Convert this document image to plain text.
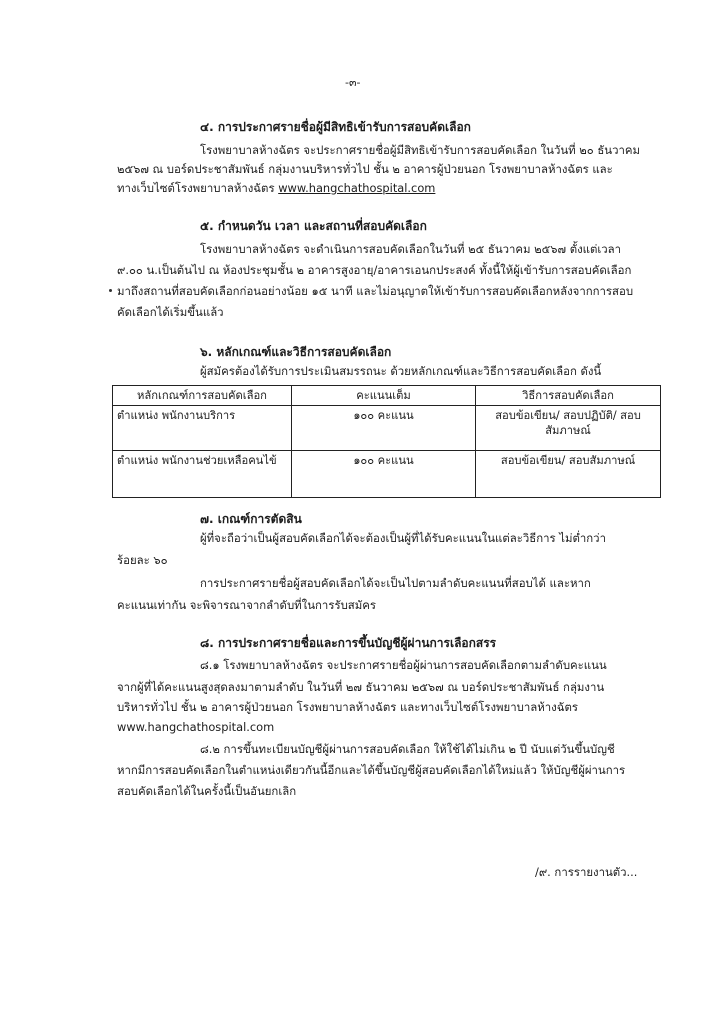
-๓-
๔. การประกาศรายชื่อผู้มีสิทธิเข้ารับการสอบคัดเลือก
โรงพยาบาลห้างฉัตร จะประกาศรายชื่อผู้มีสิทธิเข้ารับการสอบคัดเลือก ในวันที่ ๒๐ ธันวาคม
๒๕๖๗ ณ บอร์ดประชาสัมพันธ์ กลุ่มงานบริหารทั่วไป ชั้น ๒ อาคารผู้ป่วยนอก โรงพยาบาลห้างฉัตร และ
ทางเว็บไซต์โรงพยาบาลห้างฉัตร www.hangchathospital.com
๕. กำหนดวัน เวลา และสถานที่สอบคัดเลือก
โรงพยาบาลห้างฉัตร จะดำเนินการสอบคัดเลือกในวันที่ ๒๕ ธันวาคม ๒๕๖๗ ตั้งแต่เวลา
๙.๐๐ น.เป็นต้นไป ณ ห้องประชุมชั้น ๒ อาคารสูงอายุ/อาคารเอนกประสงค์ ทั้งนี้ให้ผู้เข้ารับการสอบคัดเลือก
มาถึงสถานที่สอบคัดเลือกก่อนอย่างน้อย ๑๕ นาที และไม่อนุญาตให้เข้ารับการสอบคัดเลือกหลังจากการสอบ
คัดเลือกได้เริ่มขึ้นแล้ว
๖. หลักเกณฑ์และวิธีการสอบคัดเลือก
ผู้สมัครต้องได้รับการประเมินสมรรถนะ ด้วยหลักเกณฑ์และวิธีการสอบคัดเลือก ดังนี้
หลักเกณฑ์การสอบคัดเลือก	คะแนนเต็ม	วิธีการสอบคัดเลือก
ตำแหน่ง พนักงานบริการ	๑๐๐ คะแนน	สอบข้อเขียน/ สอบปฏิบัติ/ สอบ
สัมภาษณ์

ตำแหน่ง พนักงานช่วยเหลือคนไข้	๑๐๐ คะแนน	สอบข้อเขียน/ สอบสัมภาษณ์
๗. เกณฑ์การตัดสิน
ผู้ที่จะถือว่าเป็นผู้สอบคัดเลือกได้จะต้องเป็นผู้ที่ได้รับคะแนนในแต่ละวิธีการ ไม่ต่ำกว่า
ร้อยละ ๖๐
การประกาศรายชื่อผู้สอบคัดเลือกได้จะเป็นไปตามลำดับคะแนนที่สอบได้ และหาก
คะแนนเท่ากัน จะพิจารณาจากลำดับที่ในการรับสมัคร
๘. การประกาศรายชื่อและการขึ้นบัญชีผู้ผ่านการเลือกสรร
๘.๑ โรงพยาบาลห้างฉัตร จะประกาศรายชื่อผู้ผ่านการสอบคัดเลือกตามลำดับคะแนน
จากผู้ที่ได้คะแนนสูงสุดลงมาตามลำดับ ในวันที่ ๒๗ ธันวาคม ๒๕๖๗ ณ บอร์ดประชาสัมพันธ์ กลุ่มงาน
บริหารทั่วไป ชั้น ๒ อาคารผู้ป่วยนอก โรงพยาบาลห้างฉัตร และทางเว็บไซต์โรงพยาบาลห้างฉัตร
www.hangchathospital.com
๘.๒ การขึ้นทะเบียนบัญชีผู้ผ่านการสอบคัดเลือก ให้ใช้ได้ไม่เกิน ๒ ปี นับแต่วันขึ้นบัญชี
หากมีการสอบคัดเลือกในตำแหน่งเดียวกันนี้อีกและได้ขึ้นบัญชีผู้สอบคัดเลือกได้ใหม่แล้ว ให้บัญชีผู้ผ่านการ
สอบคัดเลือกได้ในครั้งนี้เป็นอันยกเลิก
/๙. การรายงานตัว...
